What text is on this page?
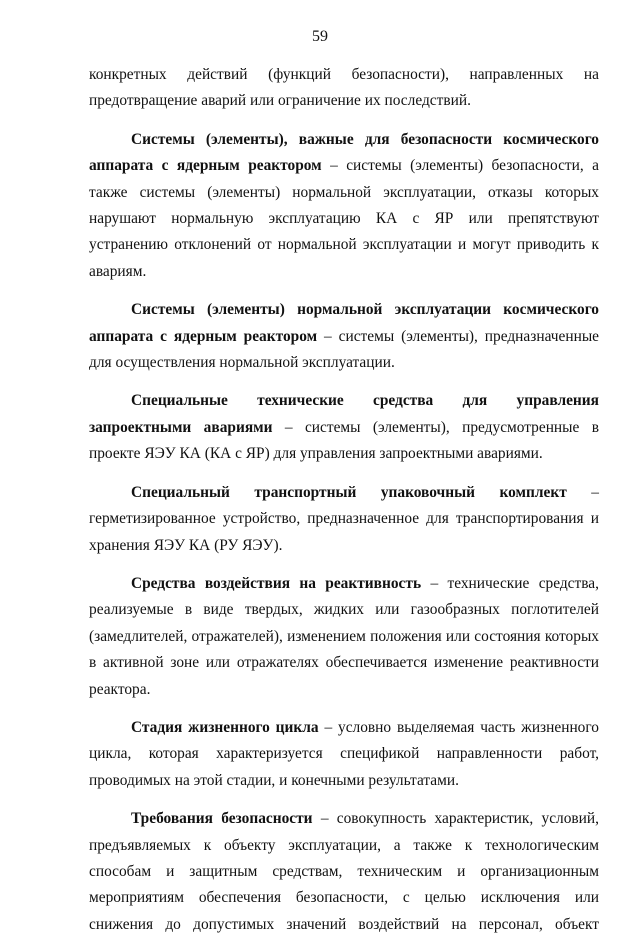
59

конкретных действий (функций безопасности), направленных на предотвращение аварий или ограничение их последствий.

Системы (элементы), важные для безопасности космического аппарата с ядерным реактором – системы (элементы) безопасности, а также системы (элементы) нормальной эксплуатации, отказы которых нарушают нормальную эксплуатацию КА с ЯР или препятствуют устранению отклонений от нормальной эксплуатации и могут приводить к авариям.

Системы (элементы) нормальной эксплуатации космического аппарата с ядерным реактором – системы (элементы), предназначенные для осуществления нормальной эксплуатации.

Специальные технические средства для управления запроектными авариями – системы (элементы), предусмотренные в проекте ЯЭУ КА (КА с ЯР) для управления запроектными авариями.

Специальный транспортный упаковочный комплект – герметизированное устройство, предназначенное для транспортирования и хранения ЯЭУ КА (РУ ЯЭУ).

Средства воздействия на реактивность – технические средства, реализуемые в виде твердых, жидких или газообразных поглотителей (замедлителей, отражателей), изменением положения или состояния которых в активной зоне или отражателях обеспечивается изменение реактивности реактора.

Стадия жизненного цикла – условно выделяемая часть жизненного цикла, которая характеризуется спецификой направленности работ, проводимых на этой стадии, и конечными результатами.

Требования безопасности – совокупность характеристик, условий, предъявляемых к объекту эксплуатации, а также к технологическим способам и защитным средствам, техническим и организационным мероприятиям обеспечения безопасности, с целью исключения или снижения до допустимых значений воздействий на персонал, объект
